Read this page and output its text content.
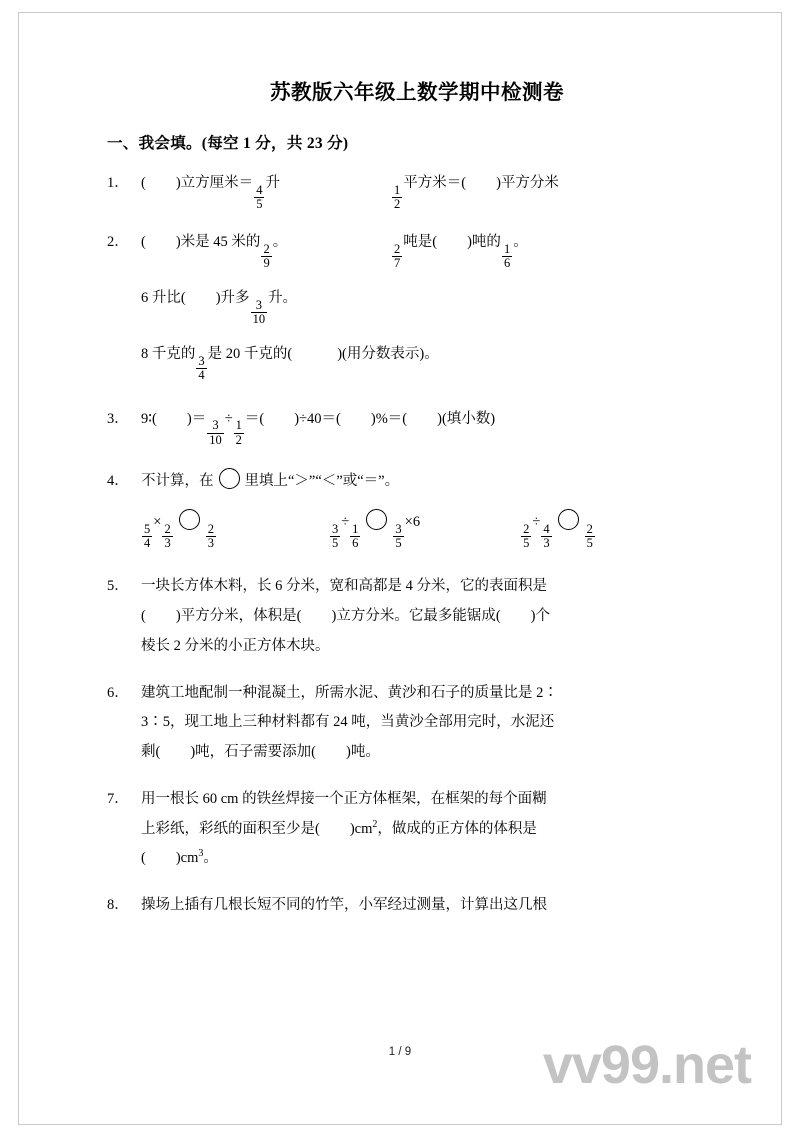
苏教版六年级上数学期中检测卷
一、我会填。(每空 1 分，共 23 分)
1． (　　 )立方厘米＝
$\frac{4}{5}$
升
$\frac{1}{2}$
平方米＝(　　 )平方分米
2． (　　 )米是 45 米的
$\frac{2}{9}$
。
$\frac{2}{7}$
吨是(　　 )吨的
$\frac{1}{6}$
。
6 升比(　　 )升多
$\frac{3}{10}$
升。
8 千克的
$\frac{3}{4}$
是 20 千克的(　　　	)(用分数表示)。
3． 9∶(　　 )＝
$\frac{3}{10}$
÷
$\frac{1}{2}$
＝(　　 )÷40＝(　　 )%＝(　　 )(填小数)
4． 不计算，在 里填上“＞”“＜”或“＝”。
$\frac{5}{4}$
×
$\frac{2}{3}$	$\frac{2}{3}$	$\frac{3}{5}$
÷
$\frac{1}{6}$	$\frac{3}{5}$
×6
$\frac{2}{5}$
÷
$\frac{4}{3}$	$\frac{2}{5}$
5． 一块长方体木料，长 6 分米，宽和高都是 4 分米，它的表面积是
(　　 )平方分米，体积是(　　 )立方分米。它最多能锯成(　　 )个
棱长 2 分米的小正方体木块。
6． 建筑工地配制一种混凝土，所需水泥、黄沙和石子的质量比是 2∶
3∶5，现工地上三种材料都有 24 吨，当黄沙全部用完时，水泥还
剩(　　 )吨，石子需要添加(　　 )吨。
7． 用一根长 60 cm 的铁丝焊接一个正方体框架，在框架的每个面糊
上彩纸，彩纸的面积至少是(　　 )$cm^2$，做成的正方体的体积是
(　　 )$cm^3$。
8． 操场上插有几根长短不同的竹竿，小军经过测量，计算出这几根
1 / 9	vv99.net
